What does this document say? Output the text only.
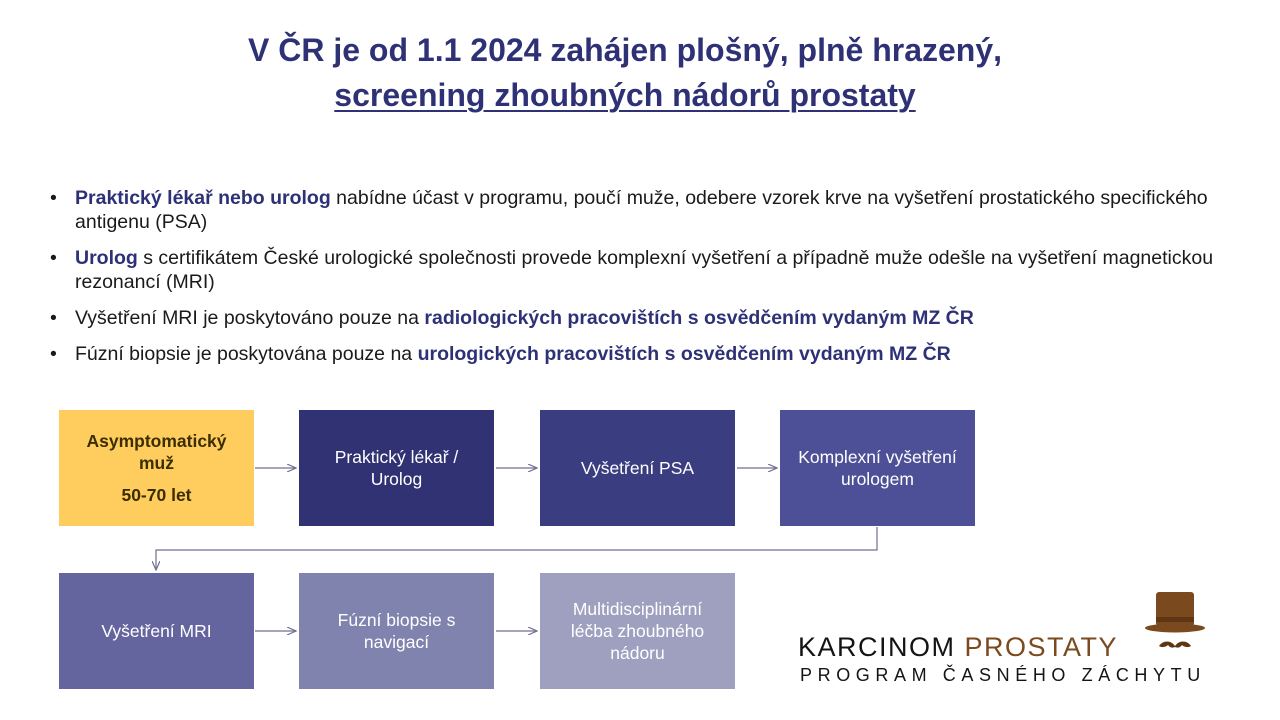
V ČR je od 1.1 2024 zahájen plošný, plně hrazený,
screening zhoubných nádorů prostaty
• Praktický lékař nebo urolog nabídne účast v programu, poučí muže, odebere vzorek krve na vyšetření prostatického specifického antigenu (PSA)
• Urolog s certifikátem České urologické společnosti provede komplexní vyšetření a případně muže odešle na vyšetření magnetickou rezonancí (MRI)
• Vyšetření MRI je poskytováno pouze na radiologických pracovištích s osvědčením vydaným MZ ČR
• Fúzní biopsie je poskytována pouze na urologických pracovištích s osvědčením vydaným MZ ČR
Asymptomatický muž
50-70 let
Praktický lékař / Urolog
Vyšetření PSA
Komplexní vyšetření urologem
Vyšetření MRI
Fúzní biopsie s navigací
Multidisciplinární léčba zhoubného nádoru	KARCINOM PROSTATY
PROGRAM ČASNÉHO ZÁCHYTU
